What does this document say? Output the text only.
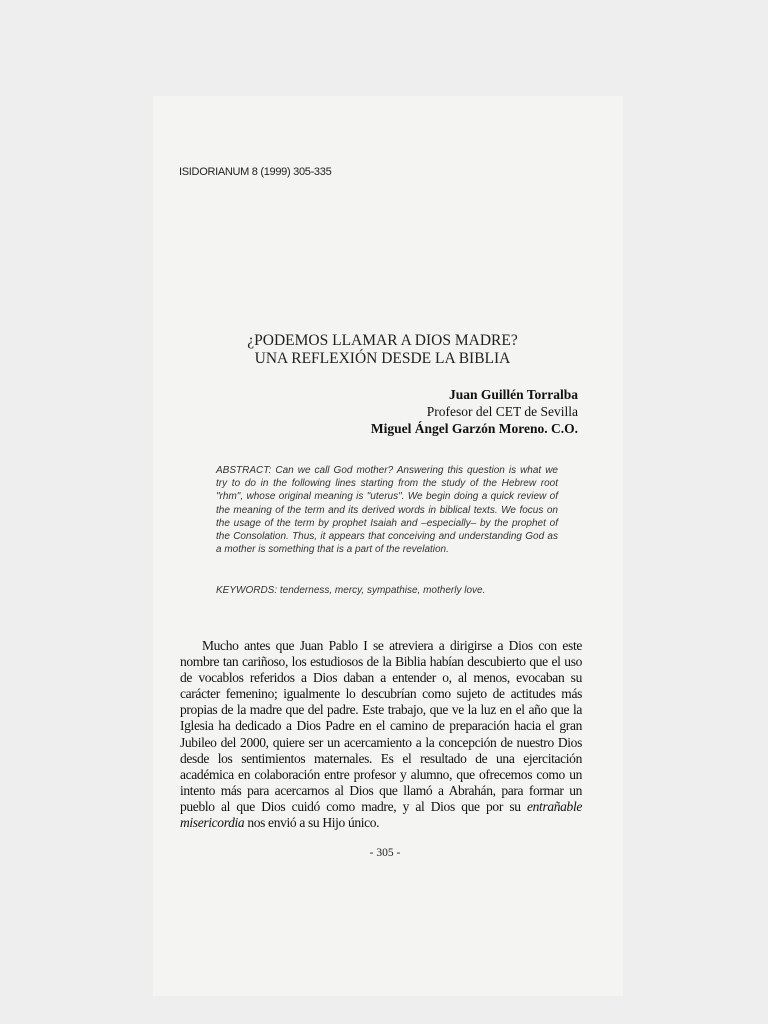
ISIDORIANUM 8 (1999) 305-335
¿PODEMOS LLAMAR A DIOS MADRE?
UNA REFLEXIÓN DESDE LA BIBLIA
Juan Guillén Torralba
Profesor del CET de Sevilla
Miguel Ángel Garzón Moreno. C.O.
ABSTRACT: Can we call God mother? Answering this question is what we try to do in the following lines starting from the study of the Hebrew root "rhm", whose original meaning is "uterus". We begin doing a quick review of the meaning of the term and its derived words in biblical texts. We focus on the usage of the term by prophet Isaiah and –especially– by the prophet of the Consolation. Thus, it appears that conceiving and understanding God as a mother is something that is a part of the revelation.
KEYWORDS: tenderness, mercy, sympathise, motherly love.

Mucho antes que Juan Pablo I se atreviera a dirigirse a Dios con este nombre tan cariñoso, los estudiosos de la Biblia habían descubierto que el uso de vocablos referidos a Dios daban a entender o, al menos, evocaban su carácter femenino; igualmente lo descubrían como sujeto de actitudes más propias de la madre que del padre. Este trabajo, que ve la luz en el año que la Iglesia ha dedicado a Dios Padre en el camino de preparación hacia el gran Jubileo del 2000, quiere ser un acercamiento a la concepción de nuestro Dios desde los sentimientos maternales. Es el resultado de una ejercitación académica en colaboración entre profesor y alumno, que ofrecemos como un intento más para acercarnos al Dios que llamó a Abrahán, para formar un pueblo al que Dios cuidó como madre, y al Dios que por su entrañable misericordia nos envió a su Hijo único.

- 305 -
